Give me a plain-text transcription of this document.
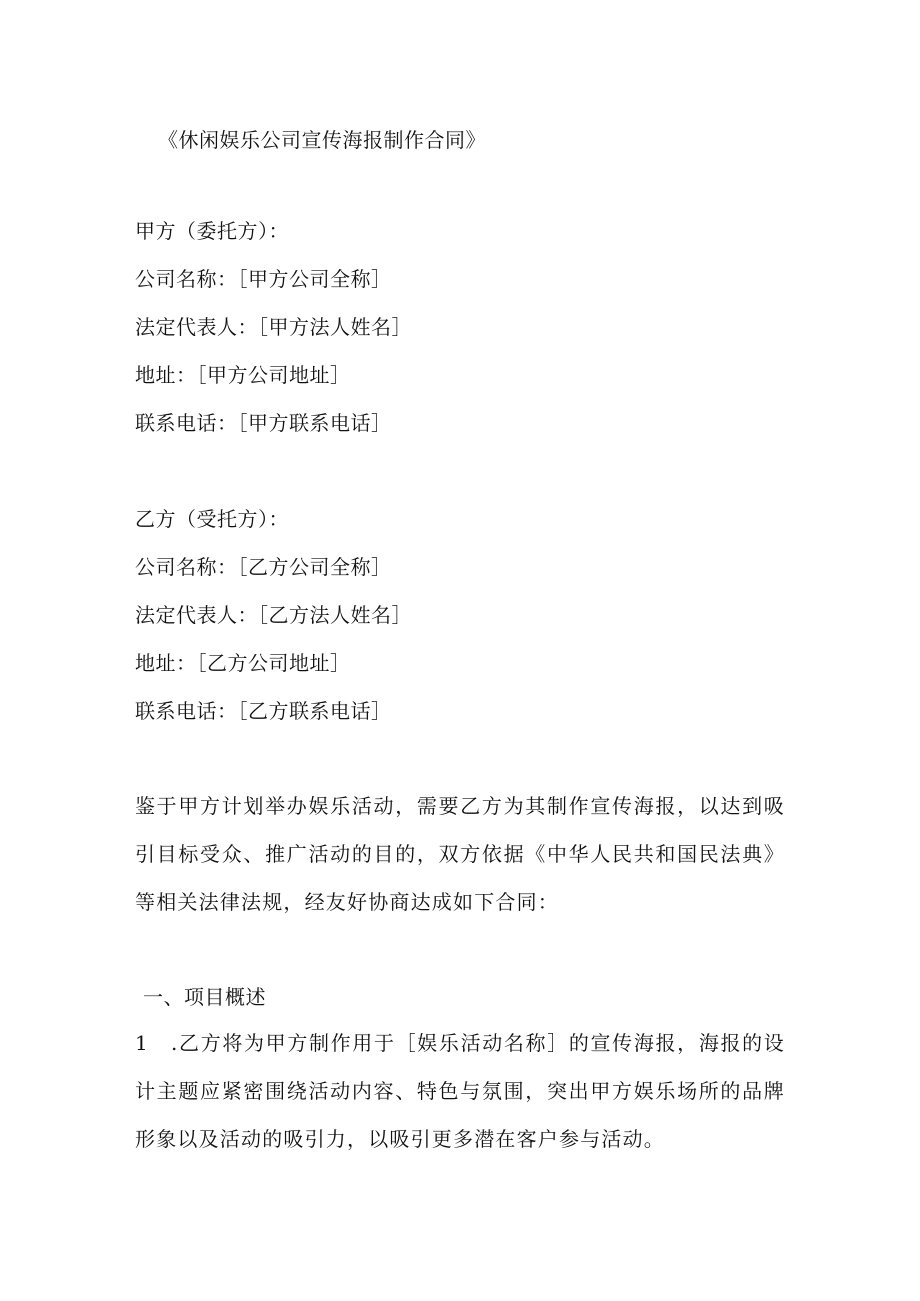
《休闲娱乐公司宣传海报制作合同》
甲方（委托方）：
公司名称：［甲方公司全称］
法定代表人：［甲方法人姓名］
地址：［甲方公司地址］
联系电话：［甲方联系电话］
乙方（受托方）：
公司名称：［乙方公司全称］
法定代表人：［乙方法人姓名］
地址：［乙方公司地址］
联系电话：［乙方联系电话］
鉴于甲方计划举办娱乐活动，需要乙方为其制作宣传海报，以达到吸引目标受众、推广活动的目的，双方依据《中华人民共和国民法典》等相关法律法规，经友好协商达成如下合同：
一、项目概述
1　.乙方将为甲方制作用于［娱乐活动名称］的宣传海报，海报的设计主题应紧密围绕活动内容、特色与氛围，突出甲方娱乐场所的品牌形象以及活动的吸引力，以吸引更多潜在客户参与活动。
